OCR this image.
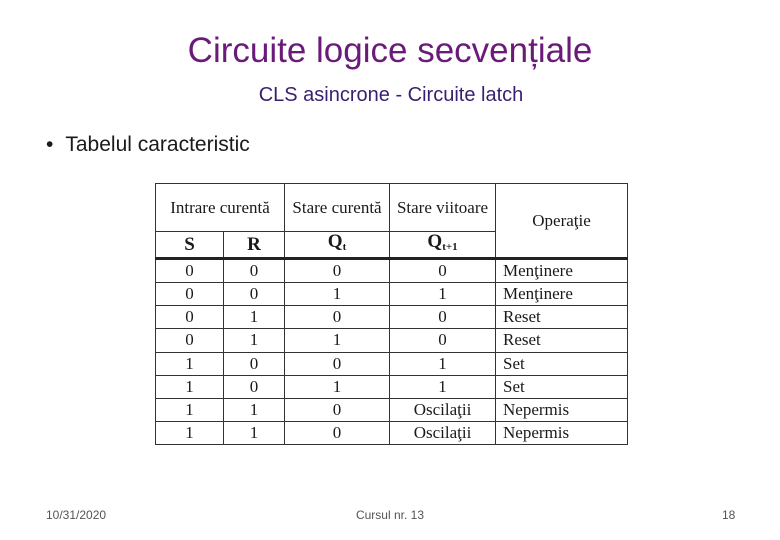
Circuite logice secvențiale
CLS asincrone - Circuite latch
• Tabelul caracteristic
Intrare curentă		Stare curentă	Stare viitoare	Operaţie
S	R	$Q_t$	$Q_{t+1}$
0	0	0	0	Menţinere
0	0	1	1	Menţinere
0	1	0	0	Reset
0	1	1	0	Reset
1	0	0	1	Set
1	0	1	1	Set
1	1	0	Oscilaţii	Nepermis
1	1	0	Oscilaţii	Nepermis
10/31/2020	Cursul nr. 13	18
